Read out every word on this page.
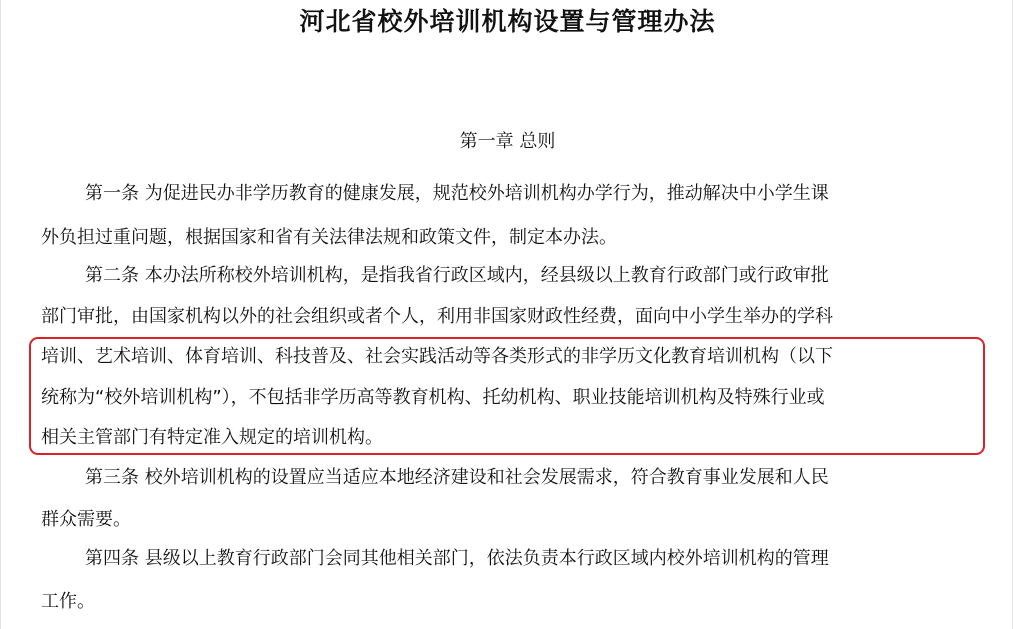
河北省校外培训机构设置与管理办法
第一章 总则
第一条 为促进民办非学历教育的健康发展，规范校外培训机构办学行为，推动解决中小学生课
外负担过重问题，根据国家和省有关法律法规和政策文件，制定本办法。
第二条 本办法所称校外培训机构，是指我省行政区域内，经县级以上教育行政部门或行政审批
部门审批，由国家机构以外的社会组织或者个人，利用非国家财政性经费，面向中小学生举办的学科
培训、艺术培训、体育培训、科技普及、社会实践活动等各类形式的非学历文化教育培训机构（以下
统称为“校外培训机构”），不包括非学历高等教育机构、托幼机构、职业技能培训机构及特殊行业或
相关主管部门有特定准入规定的培训机构。
第三条 校外培训机构的设置应当适应本地经济建设和社会发展需求，符合教育事业发展和人民
群众需要。
第四条 县级以上教育行政部门会同其他相关部门，依法负责本行政区域内校外培训机构的管理
工作。
